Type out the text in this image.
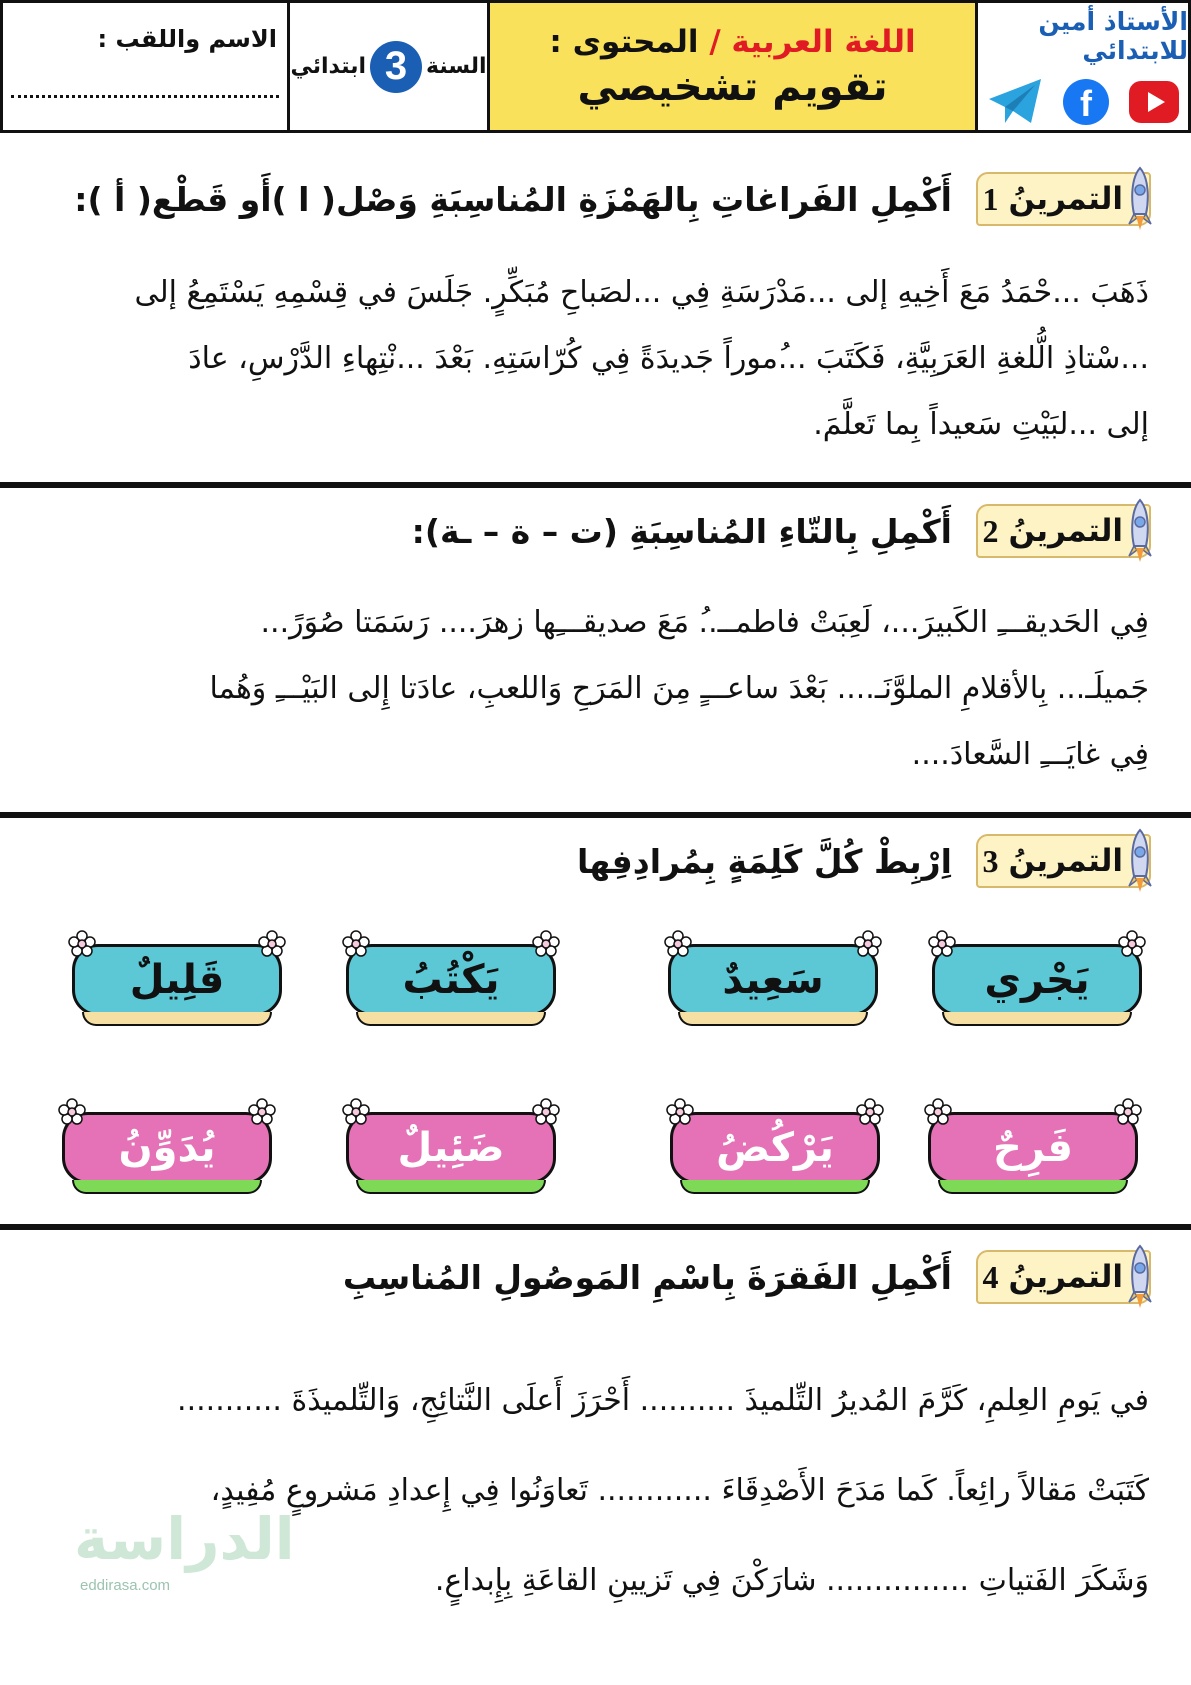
الأستاذ أمين للابتدائي
f
اللغة العربية / المحتوى :
تقويم تشخيصي
السنة
3
ابتدائي
الاسم واللقب :
التمرينُ
1
أَكْمِلِ الفَراغاتِ بِالهَمْزَةِ المُناسِبَةِ وَصْل( ا )أَو قَطْع( أ ):
ذَهَبَ ...حْمَدُ مَعَ أَخِيهِ إلى ...مَدْرَسَةِ فِي ...لصَباحِ مُبَكِّرٍ. جَلَسَ في قِسْمِهِ يَسْتَمِعُ إلى
...سْتاذِ الُّلغةِ العَرَبِيَّةِ، فَكَتَبَ ...ُموراً جَديدَةً فِي كُرّاسَتِهِ. بَعْدَ ...نْتِهاءِ الدَّرْسِ، عادَ
إلى ...لبَيْتِ سَعيداً بِما تَعلَّمَ.
التمرينُ
2
أَكْمِلِ بِالتّاءِ المُناسِبَةِ (ت – ة – ـة):
فِي الحَديقـــِ الكَبيرَ...، لَعِبَتْ فاطمــ..ُ مَعَ صديقـــِها زهرَ.... رَسَمَتا صُوَرً...
جَميلَـ... بِالأقلامِ الملوَّنَـ.... بَعْدَ ساعـــٍ مِنَ المَرَحِ وَاللعبِ، عادَتا إِلى البَيْـــِ وَهُما
فِي غايَـــِ السَّعادَ....
التمرينُ
3
اِرْبِطْ كُلَّ كَلِمَةٍ بِمُرادِفِها
يَجْري
سَعِيدٌ
يَكْتُبُ
قَلِيلٌ
فَرِحٌ
يَرْكُضُ
ضَئِيلٌ
يُدَوِّنُ
التمرينُ
4
أَكْمِلِ الفَقرَةَ بِاسْمِ المَوصُولِ المُناسِبِ
الدراسة
eddirasa.com
في يَومِ العِلمِ، كَرَّمَ المُديرُ التِّلميذَ .......... أَحْرَزَ أَعلَى النَّتائِجِ، وَالتِّلميذَةَ ...........
كَتَبَتْ مَقالاً رائِعاً. كَما مَدَحَ الأَصْدِقَاءَ ............ تَعاوَنُوا فِي إِعدادِ مَشروعٍ مُفِيدٍ،
وَشَكَرَ الفَتياتِ ............... شارَكْنَ فِي تَزيينِ القاعَةِ بِإِبداعٍ.
